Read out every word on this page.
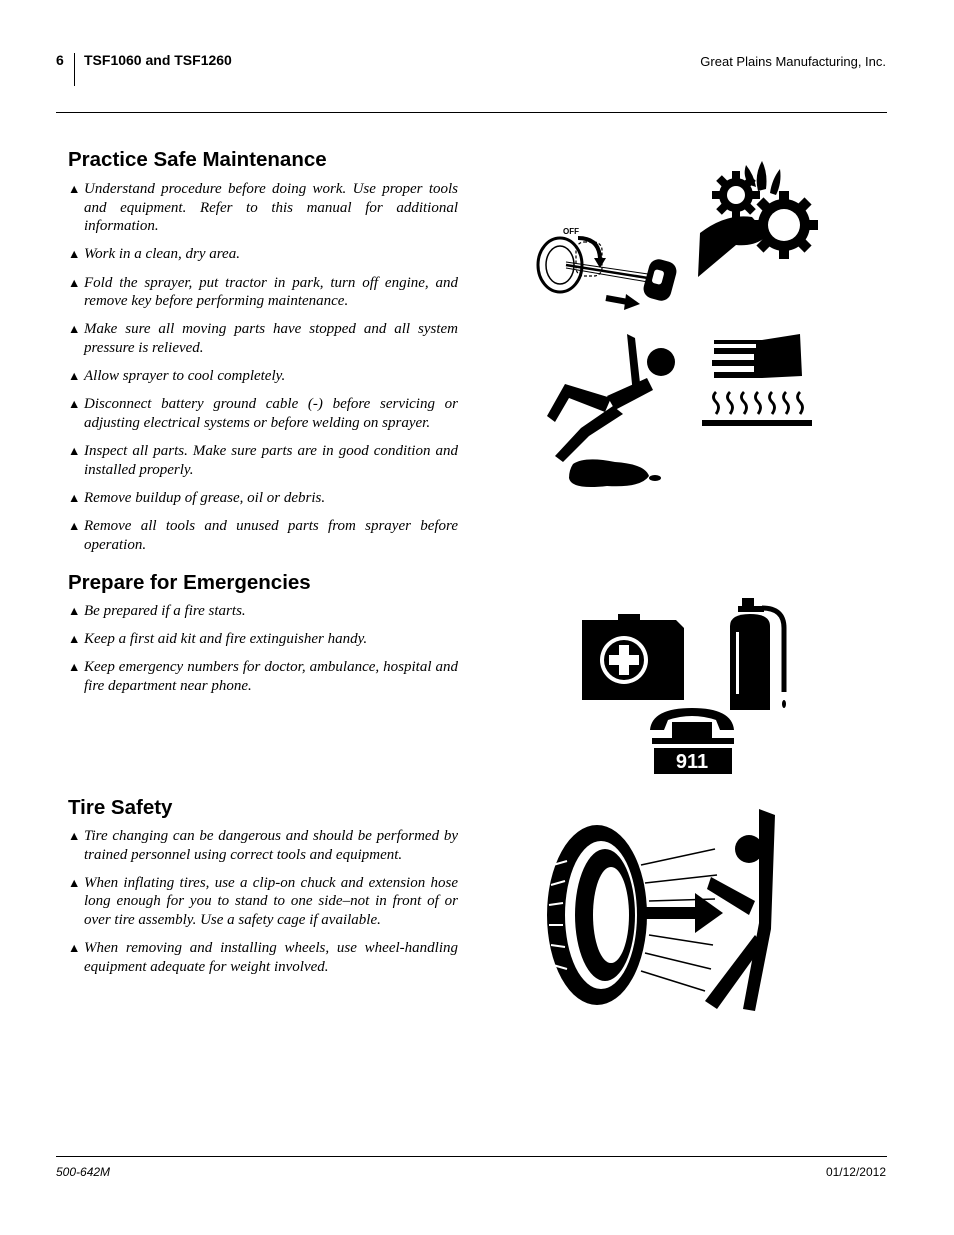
6 TSF1060 and TSF1260	Great Plains Manufacturing, Inc.
Practice Safe Maintenance
▲ Understand procedure before doing work. Use proper tools and equipment. Refer to this manual for additional information.
▲ Work in a clean, dry area.
▲ Fold the sprayer, put tractor in park, turn off engine, and remove key before performing maintenance.
▲ Make sure all moving parts have stopped and all system pressure is relieved.
▲ Allow sprayer to cool completely.
▲ Disconnect battery ground cable (-) before servicing or adjusting electrical systems or before welding on sprayer.
▲ Inspect all parts. Make sure parts are in good condition and installed properly.
▲ Remove buildup of grease, oil or debris.
▲ Remove all tools and unused parts from sprayer before operation.
Prepare for Emergencies
▲ Be prepared if a fire starts.
▲ Keep a first aid kit and fire extinguisher handy.
▲ Keep emergency numbers for doctor, ambulance, hospital and fire department near phone.
Tire Safety
▲ Tire changing can be dangerous and should be performed by trained personnel using correct tools and equipment.
▲ When inflating tires, use a clip-on chuck and extension hose long enough for you to stand to one side–not in front of or over tire assembly. Use a safety cage if available.
▲ When removing and installing wheels, use wheel-handling equipment adequate for weight involved.
OFF
911
500-642M	01/12/2012
